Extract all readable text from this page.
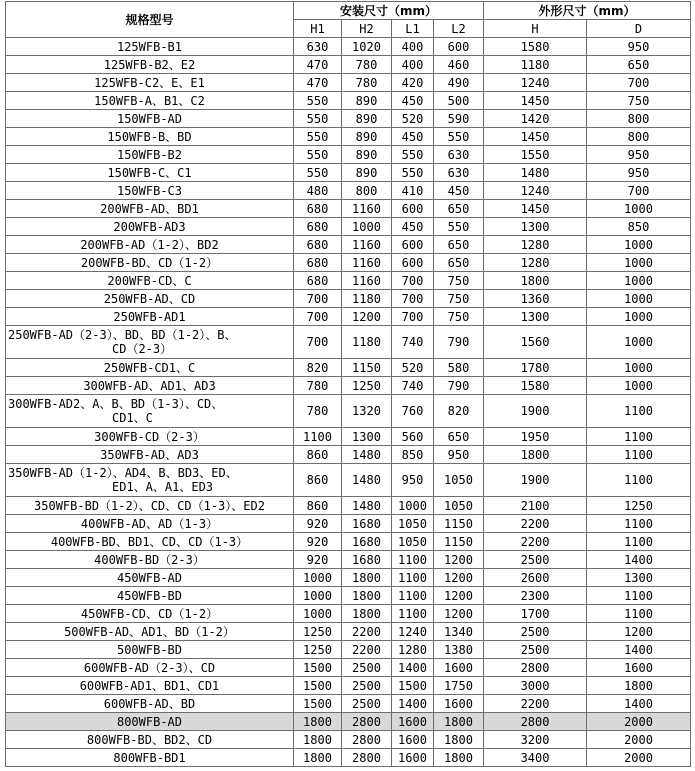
规格型号	安装尺寸（mm）				外形尺寸（mm）	
	H1	H2	L1	L2	H	D

125WFB-B1	630	1020	400	600	1580	950

125WFB-B2、E2	470	780	400	460	1180	650

125WFB-C2、E、E1	470	780	420	490	1240	700

150WFB-A、B1、C2	550	890	450	500	1450	750

150WFB-AD	550	890	520	590	1420	800

150WFB-B、BD	550	890	450	550	1450	800

150WFB-B2	550	890	550	630	1550	950

150WFB-C、C1	550	890	550	630	1480	950

150WFB-C3	480	800	410	450	1240	700

200WFB-AD、BD1	680	1160	600	650	1450	1000

200WFB-AD3	680	1000	450	550	1300	850

200WFB-AD（1-2）、BD2	680	1160	600	650	1280	1000

200WFB-BD、CD（1-2）	680	1160	600	650	1280	1000

200WFB-CD、C	680	1160	700	750	1800	1000

250WFB-AD、CD	700	1180	700	750	1360	1000

250WFB-AD1	700	1200	700	750	1300	1000

250WFB-AD（2-3）、BD、BD（1-2）、B、
CD（2-3）	700	1180	740	790	1560	1000

250WFB-CD1、C	820	1150	520	580	1780	1000

300WFB-AD、AD1、AD3	780	1250	740	790	1580	1000

300WFB-AD2、A、B、BD（1-3）、CD、
CD1、C	780	1320	760	820	1900	1100

300WFB-CD（2-3）	1100	1300	560	650	1950	1100

350WFB-AD、AD3	860	1480	850	950	1800	1100

350WFB-AD（1-2）、AD4、B、BD3、ED、
ED1、A、A1、ED3	860	1480	950	1050	1900	1100

350WFB-BD（1-2）、CD、CD（1-3）、ED2	860	1480	1000	1050	2100	1250

400WFB-AD、AD（1-3）	920	1680	1050	1150	2200	1100

400WFB-BD、BD1、CD、CD（1-3）	920	1680	1050	1150	2200	1100

400WFB-BD（2-3）	920	1680	1100	1200	2500	1400

450WFB-AD	1000	1800	1100	1200	2600	1300

450WFB-BD	1000	1800	1100	1200	2300	1100

450WFB-CD、CD（1-2）	1000	1800	1100	1200	1700	1100

500WFB-AD、AD1、BD（1-2）	1250	2200	1240	1340	2500	1200

500WFB-BD	1250	2200	1280	1380	2500	1400

600WFB-AD（2-3）、CD	1500	2500	1400	1600	2800	1600

600WFB-AD1、BD1、CD1	1500	2500	1500	1750	3000	1800

600WFB-AD、BD	1500	2500	1400	1600	2200	1400

800WFB-AD	1800	2800	1600	1800	2800	2000

800WFB-BD、BD2、CD	1800	2800	1600	1800	3200	2000

800WFB-BD1	1800	2800	1600	1800	3400	2000
